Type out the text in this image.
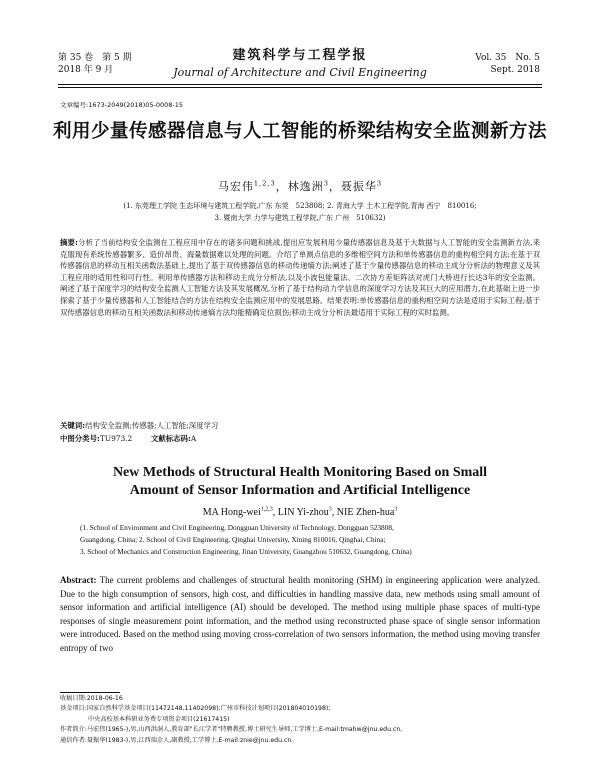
第 35 卷　第 5 期
2018 年 9 月
建筑科学与工程学报
Journal of Architecture and Civil Engineering
Vol. 35　No. 5
Sept. 2018
文章编号:1673-2049(2018)05-0008-15
利用少量传感器信息与人工智能的桥梁结构安全监测新方法
马宏伟$^{1,2,3}$，林逸洲$^3$，聂振华$^3$
(1. 东莞理工学院 生态环境与建筑工程学院,广东 东莞　523808; 2. 青海大学 土木工程学院,青海 西宁　810016;
3. 暨南大学 力学与建筑工程学院,广东 广州　510632)
摘要:分析了当前结构安全监测在工程应用中存在的诸多问题和挑战,提出应发展利用少量传感器信息及基于大数据与人工智能的安全监测新方法,来克服现有系统传感器繁多、造价昂贵、海量数据难以处理的问题。介绍了单测点信息的多维相空间方法和单传感器信息的重构相空间方法;在基于双传感器信息的移动互相关函数法基础上,提出了基于双传感器信息的移动传递熵方法;阐述了基于少量传感器信息的移动主成分分析法的物理意义及其工程应用的适用性和可行性。利用单传感器方法和移动主成分分析法,以及小波包能量法、二次协方差矩阵法对虎门大桥进行长达3年的安全监测。阐述了基于深度学习的结构安全监测人工智能方法及其发展概况,分析了基于结构动力学信息的深度学习方法及其巨大的应用潜力,在此基础上进一步探索了基于少量传感器和人工智能结合的方法在结构安全监测应用中的发展思路。结果表明:单传感器信息的重构相空间方法是适用于实际工程;基于双传感器信息的移动互相关函数法和移动传递熵方法均能精确定位损伤;移动主成分分析法最适用于实际工程的实时监测。
关键词:结构安全监测;传感器;人工智能;深度学习
中图分类号:TU973.2	文献标志码:A
New Methods of Structural Health Monitoring Based on Small
Amount of Sensor Information and Artificial Intelligence
MA Hong-wei$^{1,2,3}$, LIN Yi-zhou$^3$, NIE Zhen-hua$^3$
(1. School of Environment and Civil Engineering, Dongguan University of Technology, Dongguan 523808,
Guangdong, China; 2. School of Civil Engineering, Qinghai University, Xining 810016, Qinghai, China;
3. School of Mechanics and Construction Engineering, Jinan University, Guangzhou 510632, Guangdong, China)
Abstract: The current problems and challenges of structural health monitoring (SHM) in engineering application were analyzed. Due to the high consumption of sensors, high cost, and difficulties in handling massive data, new methods using small amount of sensor information and artificial intelligence (AI) should be developed. The method using multiple phase spaces of multi-type responses of single measurement point information, and the method using reconstructed phase space of single sensor information were introduced. Based on the method using moving cross-correlation of two sensors information, the method using moving transfer entropy of two
收稿日期:2018-06-16
基金项目:国家自然科学基金项目(11472148,11402098);广州市科技计划项目(201804010198);
中央高校基本科研业务费专项资金项目(21617415)
作者简介:马宏伟(1965-),男,山西洪洞人,教育部"长江学者"特聘教授,博士研究生导师,工学博士,E-mail:tmahw@jnu.edu.cn。
通信作者:聂振华(1983-),男,江西瑞金人,副教授,工学博士,E-mail:znie@jnu.edu.cn。
